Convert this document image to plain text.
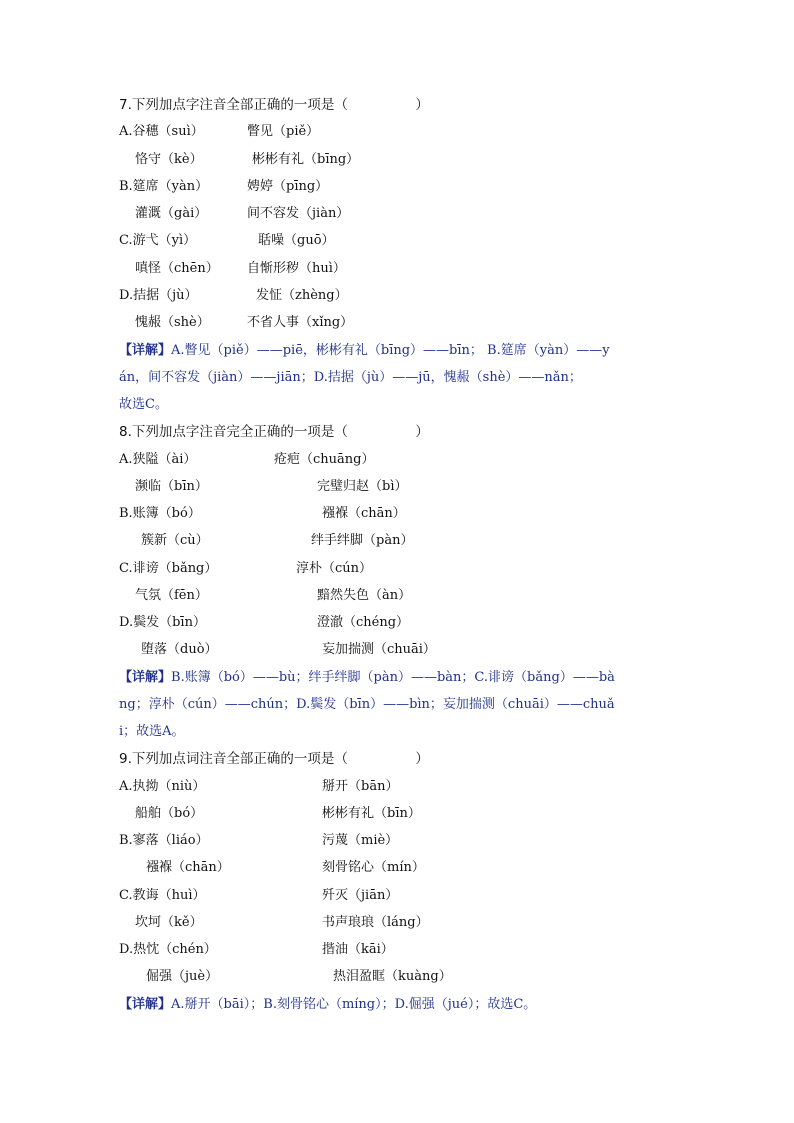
7.下列加点字注音全部正确的一项是（　　　　　）
A.谷穗（suì）	瞥见（piě）
恪守（kè）	彬彬有礼（bīng）
B.筵席（yàn）	娉婷（pīng）
灌溉（gài）	间不容发（jiàn）
C.游弋（yì）	聒噪（guō）
嗔怪（chēn） 自惭形秽（huì）
D.拮据（jù）	发怔（zhèng）
愧赧（shè）	不省人事（xǐng）
【详解】A.瞥见（piě）——piē，彬彬有礼（bīng）——bīn； B.筵席（yàn）——y
án，间不容发（jiàn）——jiān；D.拮据（jù）——jū，愧赧（shè）——nǎn；
故选C。
8.下列加点字注音完全正确的一项是（　　　　　）
A.狭隘（ài）	疮疤（chuāng）
濒临（bīn）	完璧归赵（bì）
B.账簿（bó）	襁褓（chān）
簇新（cù）	绊手绊脚（pàn）
C.诽谤（bǎng）	淳朴（cún）
气氛（fēn）	黯然失色（àn）
D.鬓发（bīn）	澄澈（chéng）
堕落（duò）	妄加揣测（chuāi）
【详解】B.账簿（bó）——bù；绊手绊脚（pàn）——bàn；C.诽谤（bǎng）——bà
ng；淳朴（cún）——chún；D.鬓发（bīn）——bìn；妄加揣测（chuāi）——chuǎ
i；故选A。
9.下列加点词注音全部正确的一项是（　　　　　）
A.执拗（niù）	掰开（bān）
船舶（bó）	彬彬有礼（bīn）
B.寥落（liáo）	污蔑（miè）
襁褓（chān）	刻骨铭心（mín）
C.教诲（huì）	歼灭（jiān）
坎坷（kě）	书声琅琅（láng）
D.热忱（chén）	揩油（kāi）
倔强（juè）	热泪盈眶（kuàng）
【详解】A.掰开（bāi）；B.刻骨铭心（míng）；D.倔强（jué）；故选C。
